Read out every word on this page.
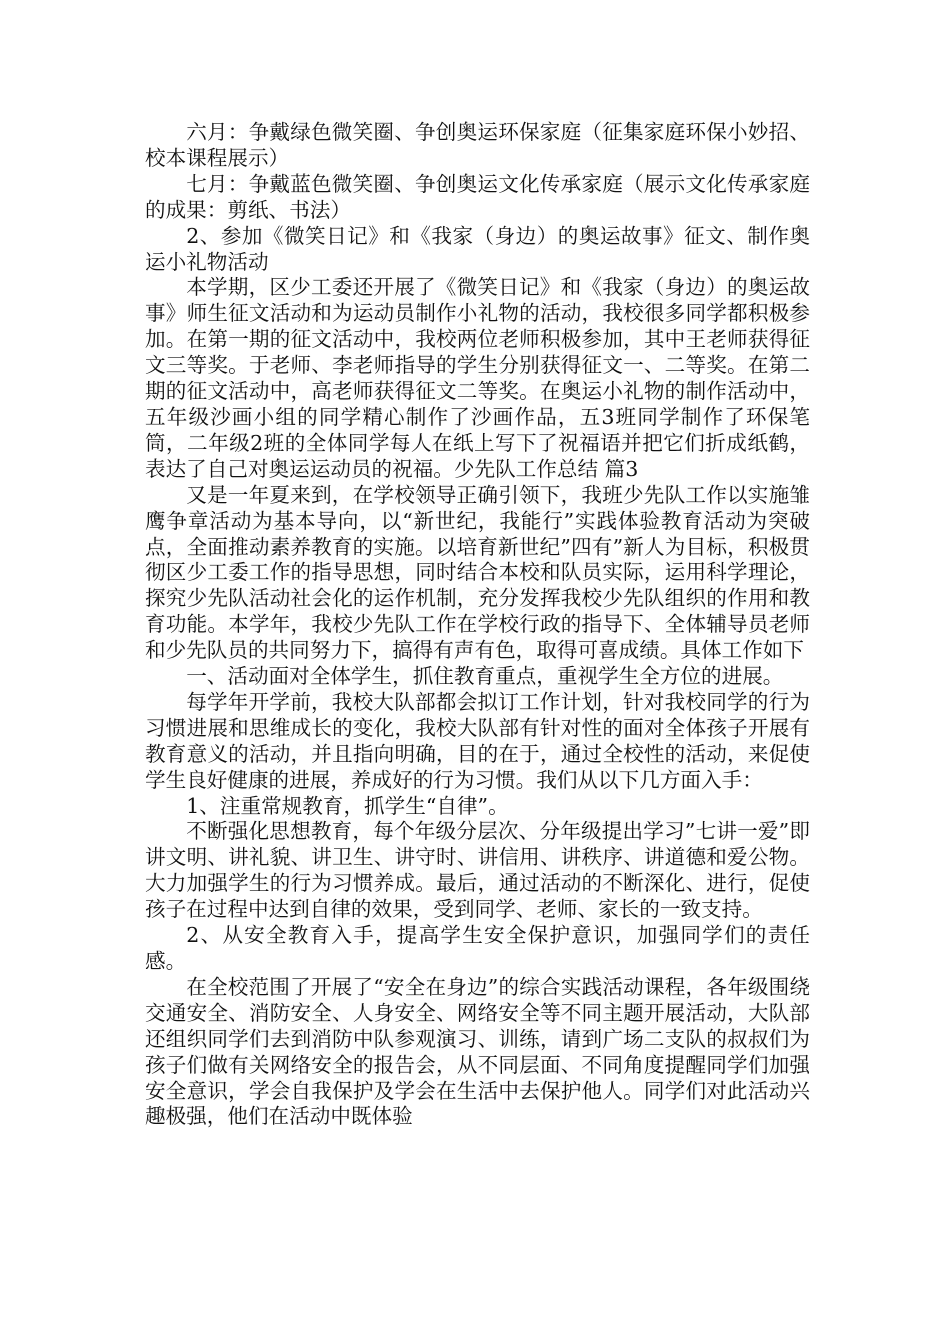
六月：争戴绿色微笑圈、争创奥运环保家庭（征集家庭环保小妙招、校本课程展示）

七月：争戴蓝色微笑圈、争创奥运文化传承家庭（展示文化传承家庭的成果：剪纸、书法）

2、参加《微笑日记》和《我家（身边）的奥运故事》征文、制作奥运小礼物活动

本学期，区少工委还开展了《微笑日记》和《我家（身边）的奥运故事》师生征文活动和为运动员制作小礼物的活动，我校很多同学都积极参加。在第一期的征文活动中，我校两位老师积极参加，其中王老师获得征文三等奖。于老师、李老师指导的学生分别获得征文一、二等奖。在第二期的征文活动中，高老师获得征文二等奖。在奥运小礼物的制作活动中，五年级沙画小组的同学精心制作了沙画作品，五3班同学制作了环保笔筒，二年级2班的全体同学每人在纸上写下了祝福语并把它们折成纸鹤，表达了自己对奥运运动员的祝福。少先队工作总结 篇3

又是一年夏来到，在学校领导正确引领下，我班少先队工作以实施雏鹰争章活动为基本导向，以“新世纪，我能行”实践体验教育活动为突破点，全面推动素养教育的实施。以培育新世纪”四有”新人为目标，积极贯彻区少工委工作的指导思想，同时结合本校和队员实际，运用科学理论，探究少先队活动社会化的运作机制，充分发挥我校少先队组织的作用和教育功能。本学年，我校少先队工作在学校行政的指导下、全体辅导员老师和少先队员的共同努力下，搞得有声有色，取得可喜成绩。具体工作如下

一、活动面对全体学生，抓住教育重点，重视学生全方位的进展。

每学年开学前，我校大队部都会拟订工作计划，针对我校同学的行为习惯进展和思维成长的变化，我校大队部有针对性的面对全体孩子开展有教育意义的活动，并且指向明确，目的在于，通过全校性的活动，来促使学生良好健康的进展，养成好的行为习惯。我们从以下几方面入手：

1、注重常规教育，抓学生“自律”。

不断强化思想教育，每个年级分层次、分年级提出学习”七讲一爱”即讲文明、讲礼貌、讲卫生、讲守时、讲信用、讲秩序、讲道德和爱公物。大力加强学生的行为习惯养成。最后，通过活动的不断深化、进行，促使孩子在过程中达到自律的效果，受到同学、老师、家长的一致支持。

2、从安全教育入手，提高学生安全保护意识，加强同学们的责任感。

在全校范围了开展了“安全在身边”的综合实践活动课程，各年级围绕交通安全、消防安全、人身安全、网络安全等不同主题开展活动，大队部还组织同学们去到消防中队参观演习、训练，请到广场二支队的叔叔们为孩子们做有关网络安全的报告会，从不同层面、不同角度提醒同学们加强安全意识，学会自我保护及学会在生活中去保护他人。同学们对此活动兴趣极强，他们在活动中既体验
